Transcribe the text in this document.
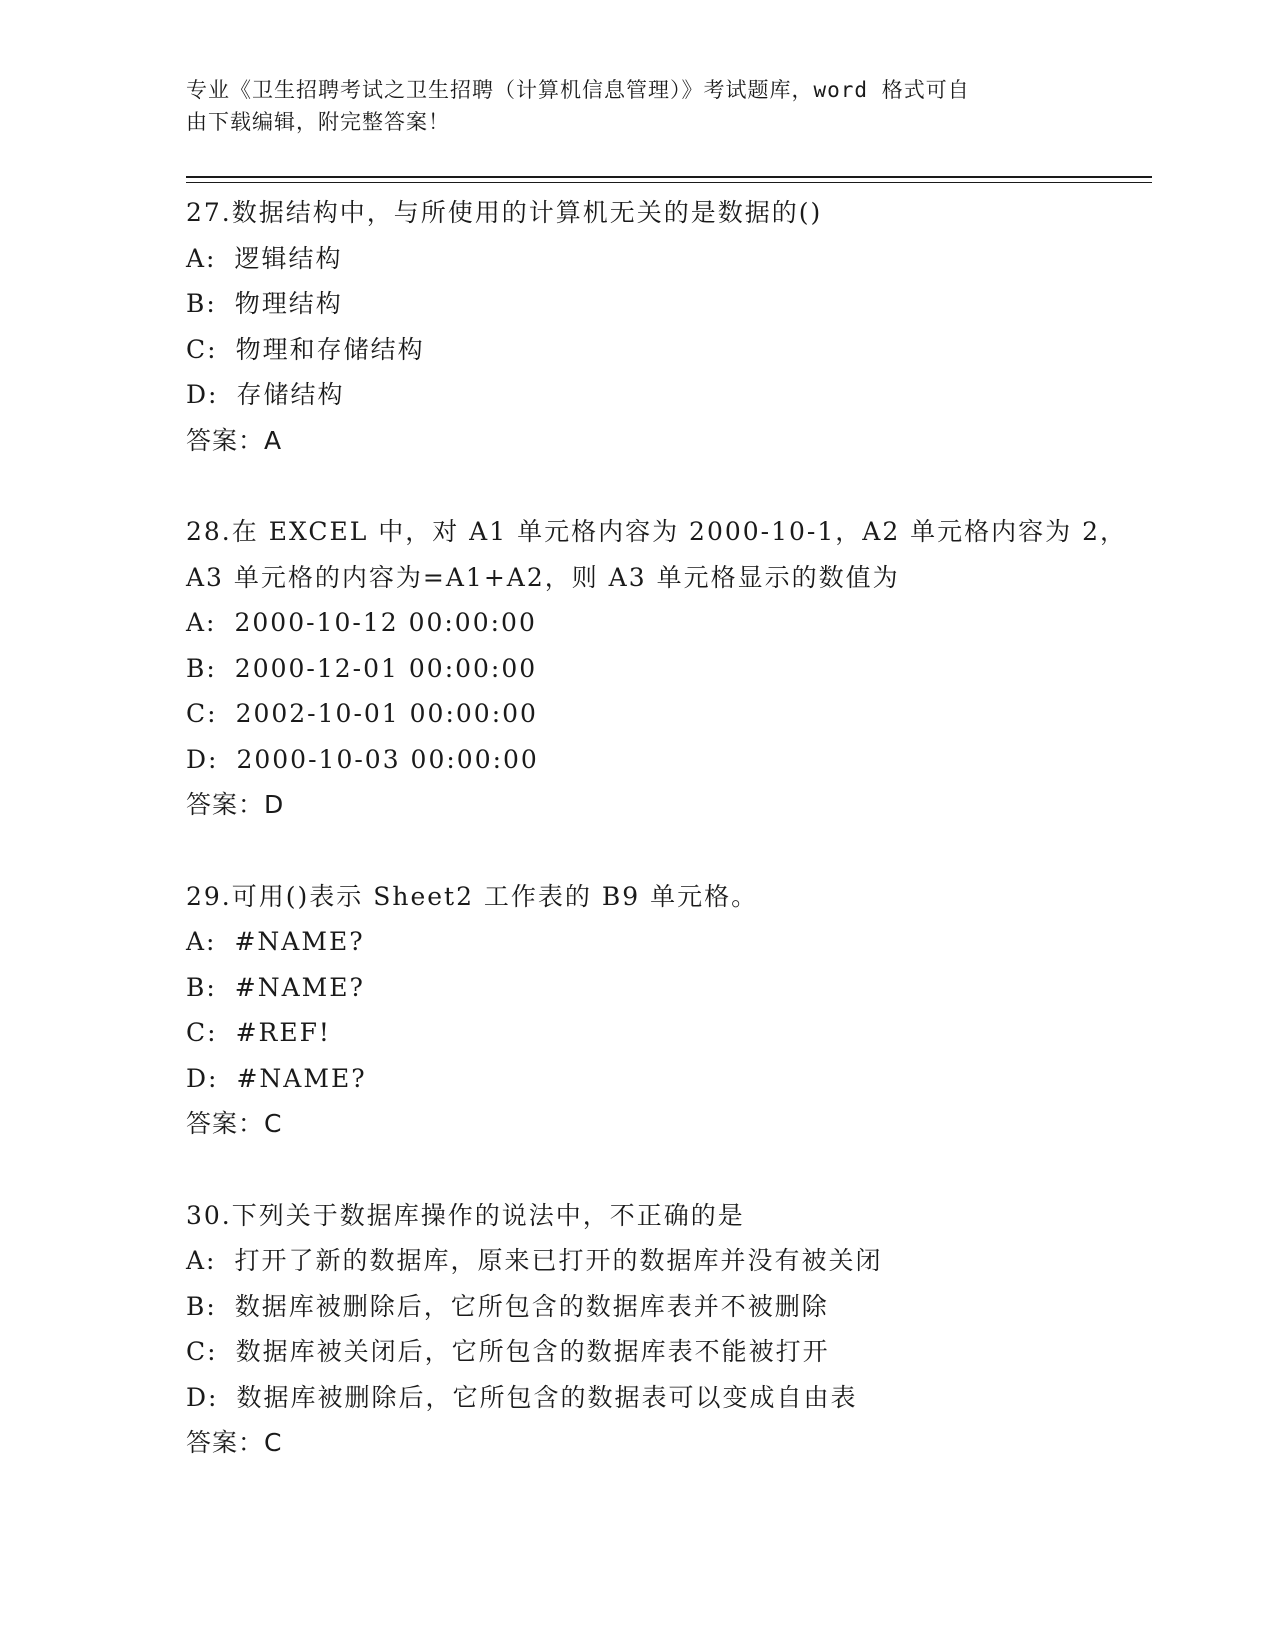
专业《卫生招聘考试之卫生招聘（计算机信息管理）》考试题库，word 格式可自
由下载编辑，附完整答案！
27.数据结构中，与所使用的计算机无关的是数据的()
A: 逻辑结构
B: 物理结构
C: 物理和存储结构
D: 存储结构
答案：A
28.在 EXCEL 中，对 A1 单元格内容为 2000-10-1，A2 单元格内容为 2，
A3 单元格的内容为=A1+A2，则 A3 单元格显示的数值为
A: 2000-10-12 00:00:00
B: 2000-12-01 00:00:00
C: 2002-10-01 00:00:00
D: 2000-10-03 00:00:00
答案：D
29.可用()表示 Sheet2 工作表的 B9 单元格。
A: #NAME?
B: #NAME?
C: #REF!
D: #NAME?
答案：C
30.下列关于数据库操作的说法中，不正确的是
A: 打开了新的数据库，原来已打开的数据库并没有被关闭
B: 数据库被删除后，它所包含的数据库表并不被删除
C: 数据库被关闭后，它所包含的数据库表不能被打开
D: 数据库被删除后，它所包含的数据表可以变成自由表
答案：C
